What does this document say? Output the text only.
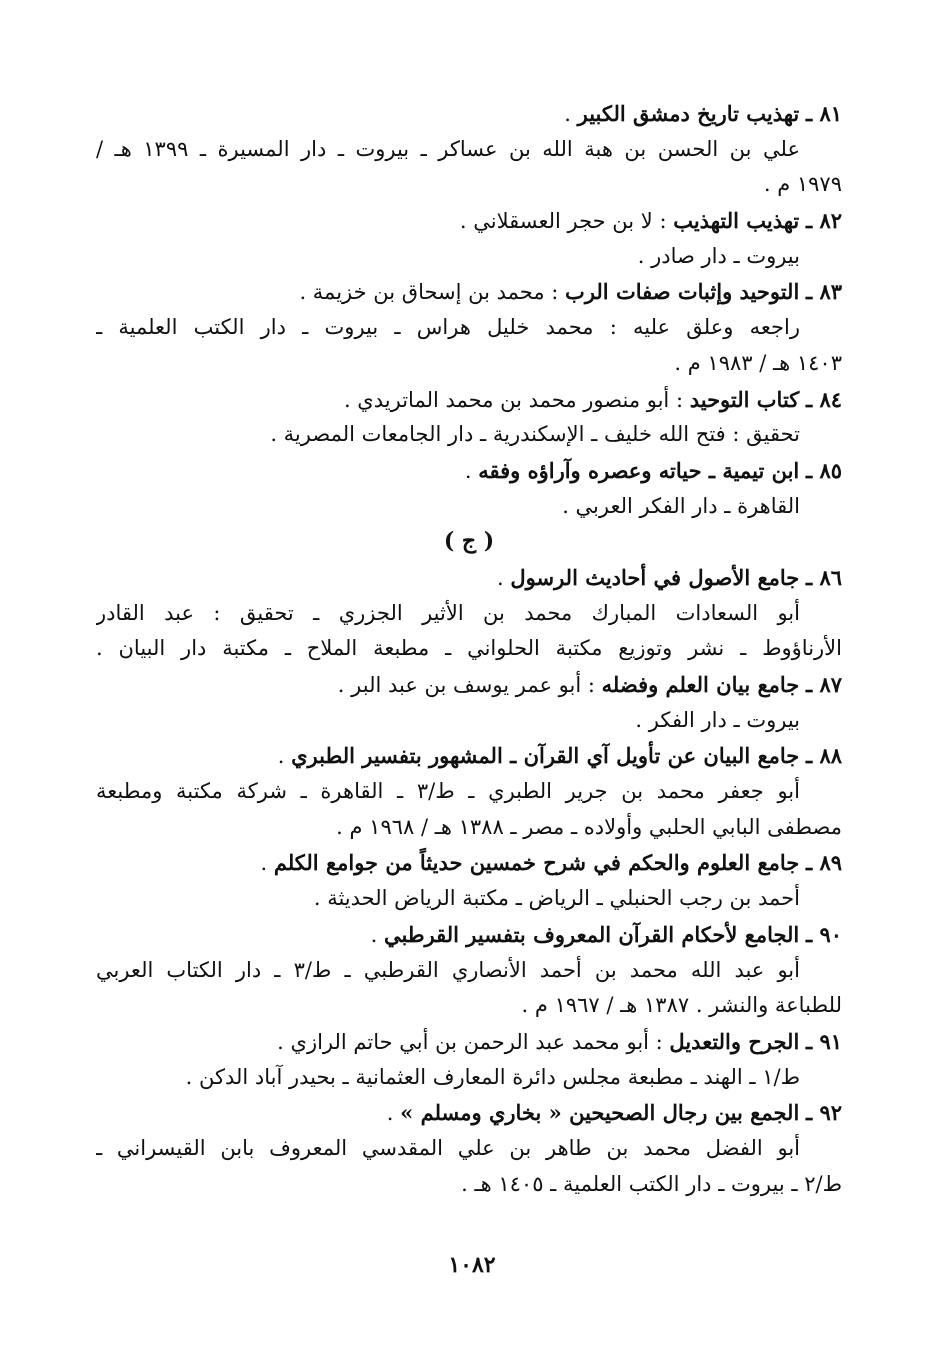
٨١ ـ تهذيب تاريخ دمشق الكبير .
علي بن الحسن بن هبة الله بن عساكر ـ بيروت ـ دار المسيرة ـ ١٣٩٩ هـ /
١٩٧٩ م .
٨٢ ـ تهذيب التهذيب : لا بن حجر العسقلاني .
بيروت ـ دار صادر .
٨٣ ـ التوحيد وإثبات صفات الرب : محمد بن إسحاق بن خزيمة .
راجعه وعلق عليه : محمد خليل هراس ـ بيروت ـ دار الكتب العلمية ـ
١٤٠٣ هـ / ١٩٨٣ م .
٨٤ ـ كتاب التوحيد : أبو منصور محمد بن محمد الماتريدي .
تحقيق : فتح الله خليف ـ الإسكندرية ـ دار الجامعات المصرية .
٨٥ ـ ابن تيمية ـ حياته وعصره وآراؤه وفقه .
القاهرة ـ دار الفكر العربي .
( ج )
٨٦ ـ جامع الأصول في أحاديث الرسول .
أبو السعادات المبارك محمد بن الأثير الجزري ـ تحقيق : عبد القادر
الأرناؤوط ـ نشر وتوزيع مكتبة الحلواني ـ مطبعة الملاح ـ مكتبة دار البيان .
٨٧ ـ جامع بيان العلم وفضله : أبو عمر يوسف بن عبد البر .
بيروت ـ دار الفكر .
٨٨ ـ جامع البيان عن تأويل آي القرآن ـ المشهور بتفسير الطبري .
أبو جعفر محمد بن جرير الطبري ـ ط/٣ ـ القاهرة ـ شركة مكتبة ومطبعة
مصطفى البابي الحلبي وأولاده ـ مصر ـ ١٣٨٨ هـ / ١٩٦٨ م .
٨٩ ـ جامع العلوم والحكم في شرح خمسين حديثاً من جوامع الكلم .
أحمد بن رجب الحنبلي ـ الرياض ـ مكتبة الرياض الحديثة .
٩٠ ـ الجامع لأحكام القرآن المعروف بتفسير القرطبي .
أبو عبد الله محمد بن أحمد الأنصاري القرطبي ـ ط/٣ ـ دار الكتاب العربي
للطباعة والنشر . ١٣٨٧ هـ / ١٩٦٧ م .
٩١ ـ الجرح والتعديل : أبو محمد عبد الرحمن بن أبي حاتم الرازي .
ط/١ ـ الهند ـ مطبعة مجلس دائرة المعارف العثمانية ـ بحيدر آباد الدكن .
٩٢ ـ الجمع بين رجال الصحيحين « بخاري ومسلم » .
أبو الفضل محمد بن طاهر بن علي المقدسي المعروف بابن القيسراني ـ
ط/٢ ـ بيروت ـ دار الكتب العلمية ـ ١٤٠٥ هـ .
١٠٨٢
